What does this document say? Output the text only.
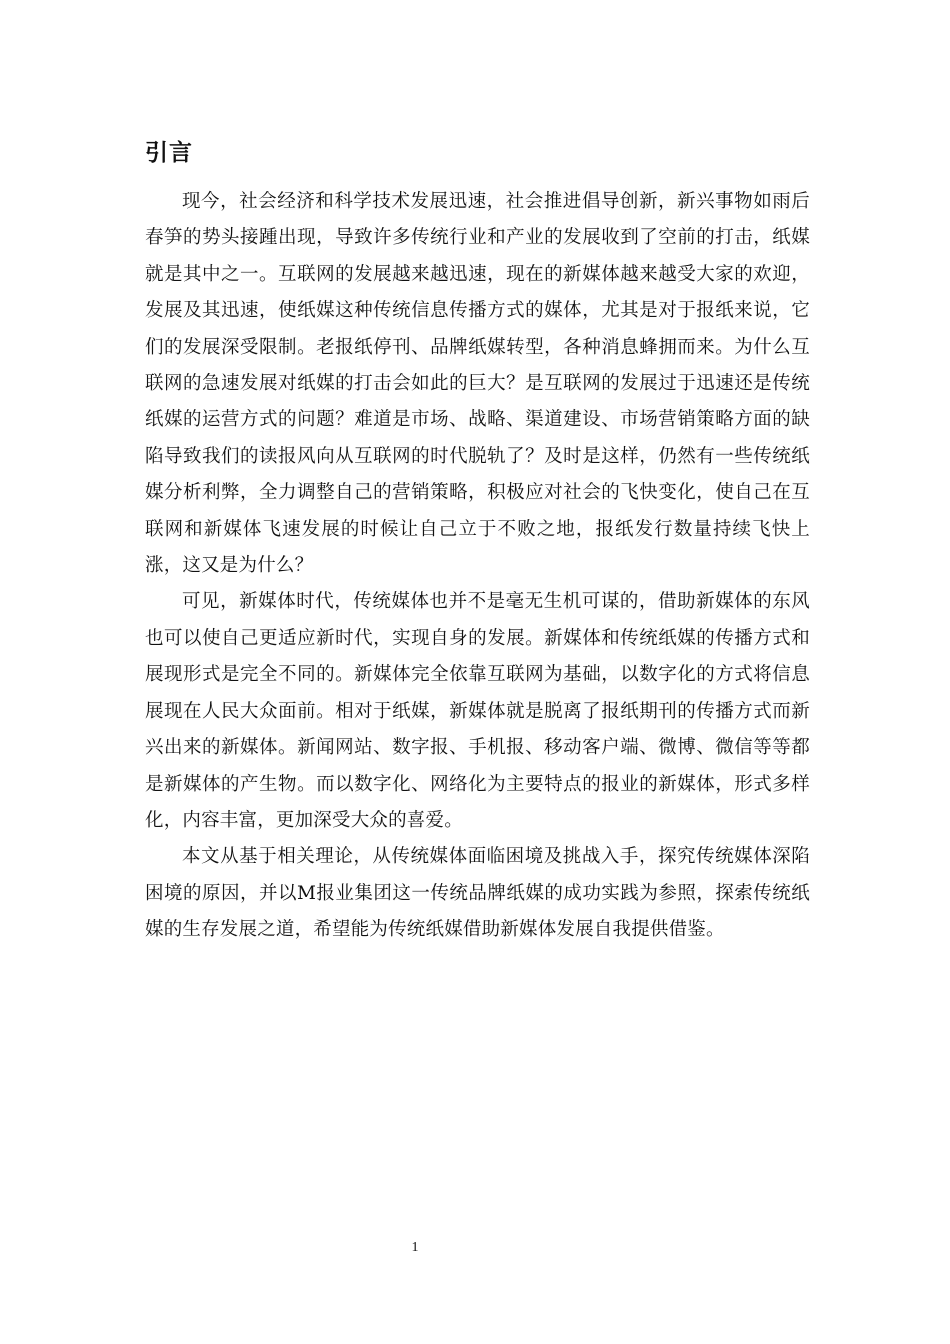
引言

现今，社会经济和科学技术发展迅速，社会推进倡导创新，新兴事物如雨后春笋的势头接踵出现，导致许多传统行业和产业的发展收到了空前的打击，纸媒就是其中之一。互联网的发展越来越迅速，现在的新媒体越来越受大家的欢迎，发展及其迅速，使纸媒这种传统信息传播方式的媒体，尤其是对于报纸来说，它们的发展深受限制。老报纸停刊、品牌纸媒转型，各种消息蜂拥而来。为什么互联网的急速发展对纸媒的打击会如此的巨大？是互联网的发展过于迅速还是传统纸媒的运营方式的问题？难道是市场、战略、渠道建设、市场营销策略方面的缺陷导致我们的读报风向从互联网的时代脱轨了？及时是这样，仍然有一些传统纸媒分析利弊，全力调整自己的营销策略，积极应对社会的飞快变化，使自己在互联网和新媒体飞速发展的时候让自己立于不败之地，报纸发行数量持续飞快上涨，这又是为什么？

可见，新媒体时代，传统媒体也并不是毫无生机可谋的，借助新媒体的东风也可以使自己更适应新时代，实现自身的发展。新媒体和传统纸媒的传播方式和展现形式是完全不同的。新媒体完全依靠互联网为基础，以数字化的方式将信息展现在人民大众面前。相对于纸媒，新媒体就是脱离了报纸期刊的传播方式而新兴出来的新媒体。新闻网站、数字报、手机报、移动客户端、微博、微信等等都是新媒体的产生物。而以数字化、网络化为主要特点的报业的新媒体，形式多样化，内容丰富，更加深受大众的喜爱。

本文从基于相关理论，从传统媒体面临困境及挑战入手，探究传统媒体深陷困境的原因，并以M报业集团这一传统品牌纸媒的成功实践为参照，探索传统纸媒的生存发展之道，希望能为传统纸媒借助新媒体发展自我提供借鉴。

1
